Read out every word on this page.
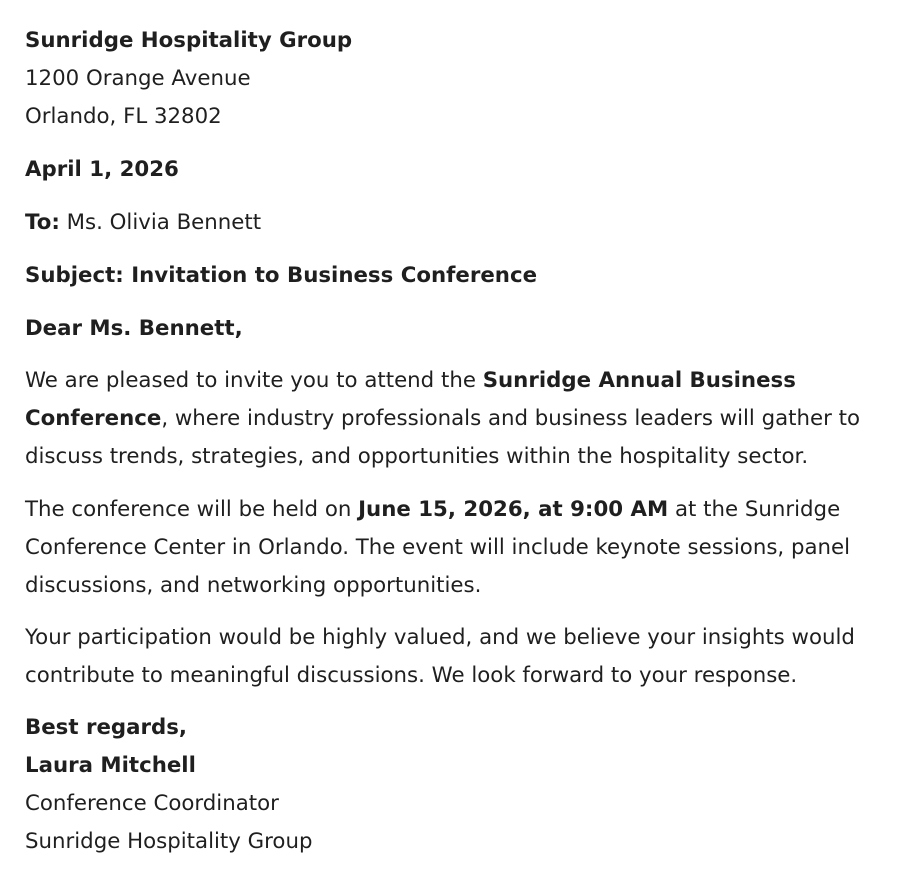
Sunridge Hospitality Group
1200 Orange Avenue
Orlando, FL 32802
April 1, 2026
To: Ms. Olivia Bennett
Subject: Invitation to Business Conference
Dear Ms. Bennett,
We are pleased to invite you to attend the Sunridge Annual Business
Conference, where industry professionals and business leaders will gather to
discuss trends, strategies, and opportunities within the hospitality sector.
The conference will be held on June 15, 2026, at 9:00 AM at the Sunridge
Conference Center in Orlando. The event will include keynote sessions, panel
discussions, and networking opportunities.
Your participation would be highly valued, and we believe your insights would
contribute to meaningful discussions. We look forward to your response.
Best regards,
Laura Mitchell
Conference Coordinator
Sunridge Hospitality Group
